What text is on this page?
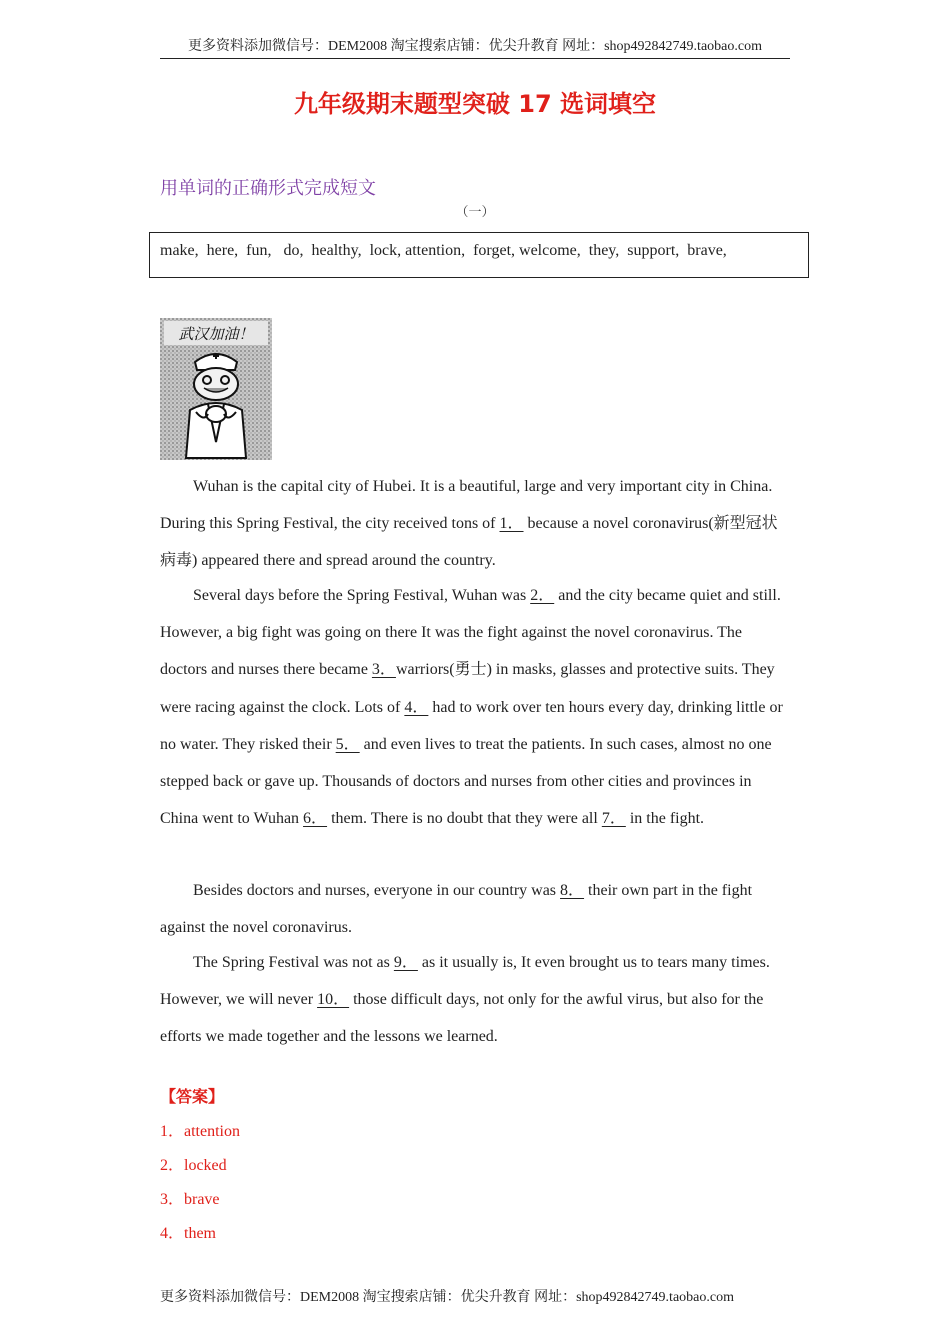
更多资料添加微信号：DEM2008 淘宝搜索店铺：优尖升教育 网址：shop492842749.taobao.com
九年级期末题型突破 17 选词填空
用单词的正确形式完成短文
（一）
make,  here,  fun,   do,  healthy,  lock, attention,  forget, welcome,  they,  support,  brave,
武汉加油！

Wuhan is the capital city of Hubei. It is a beautiful, large and very important city in China. During this Spring Festival, the city received tons of 1． because a novel coronavirus(新型冠状病毒) appeared there and spread around the country.

Several days before the Spring Festival, Wuhan was 2． and the city became quiet and still. However, a big fight was going on there It was the fight against the novel coronavirus. The doctors and nurses there became 3．warriors(勇士) in masks, glasses and protective suits. They were racing against the clock. Lots of 4． had to work over ten hours every day, drinking little or no water. They risked their 5． and even lives to treat the patients. In such cases, almost no one stepped back or gave up. Thousands of doctors and nurses from other cities and provinces in China went to Wuhan 6． them. There is no doubt that they were all 7． in the fight.

Besides doctors and nurses, everyone in our country was 8． their own part in the fight against the novel coronavirus.

The Spring Festival was not as 9． as it usually is, It even brought us to tears many times. However, we will never 10． those difficult days, not only for the awful virus, but also for the efforts we made together and the lessons we learned.

【答案】
1．attention
2．locked
3．brave
4．them
更多资料添加微信号：DEM2008 淘宝搜索店铺：优尖升教育 网址：shop492842749.taobao.com
